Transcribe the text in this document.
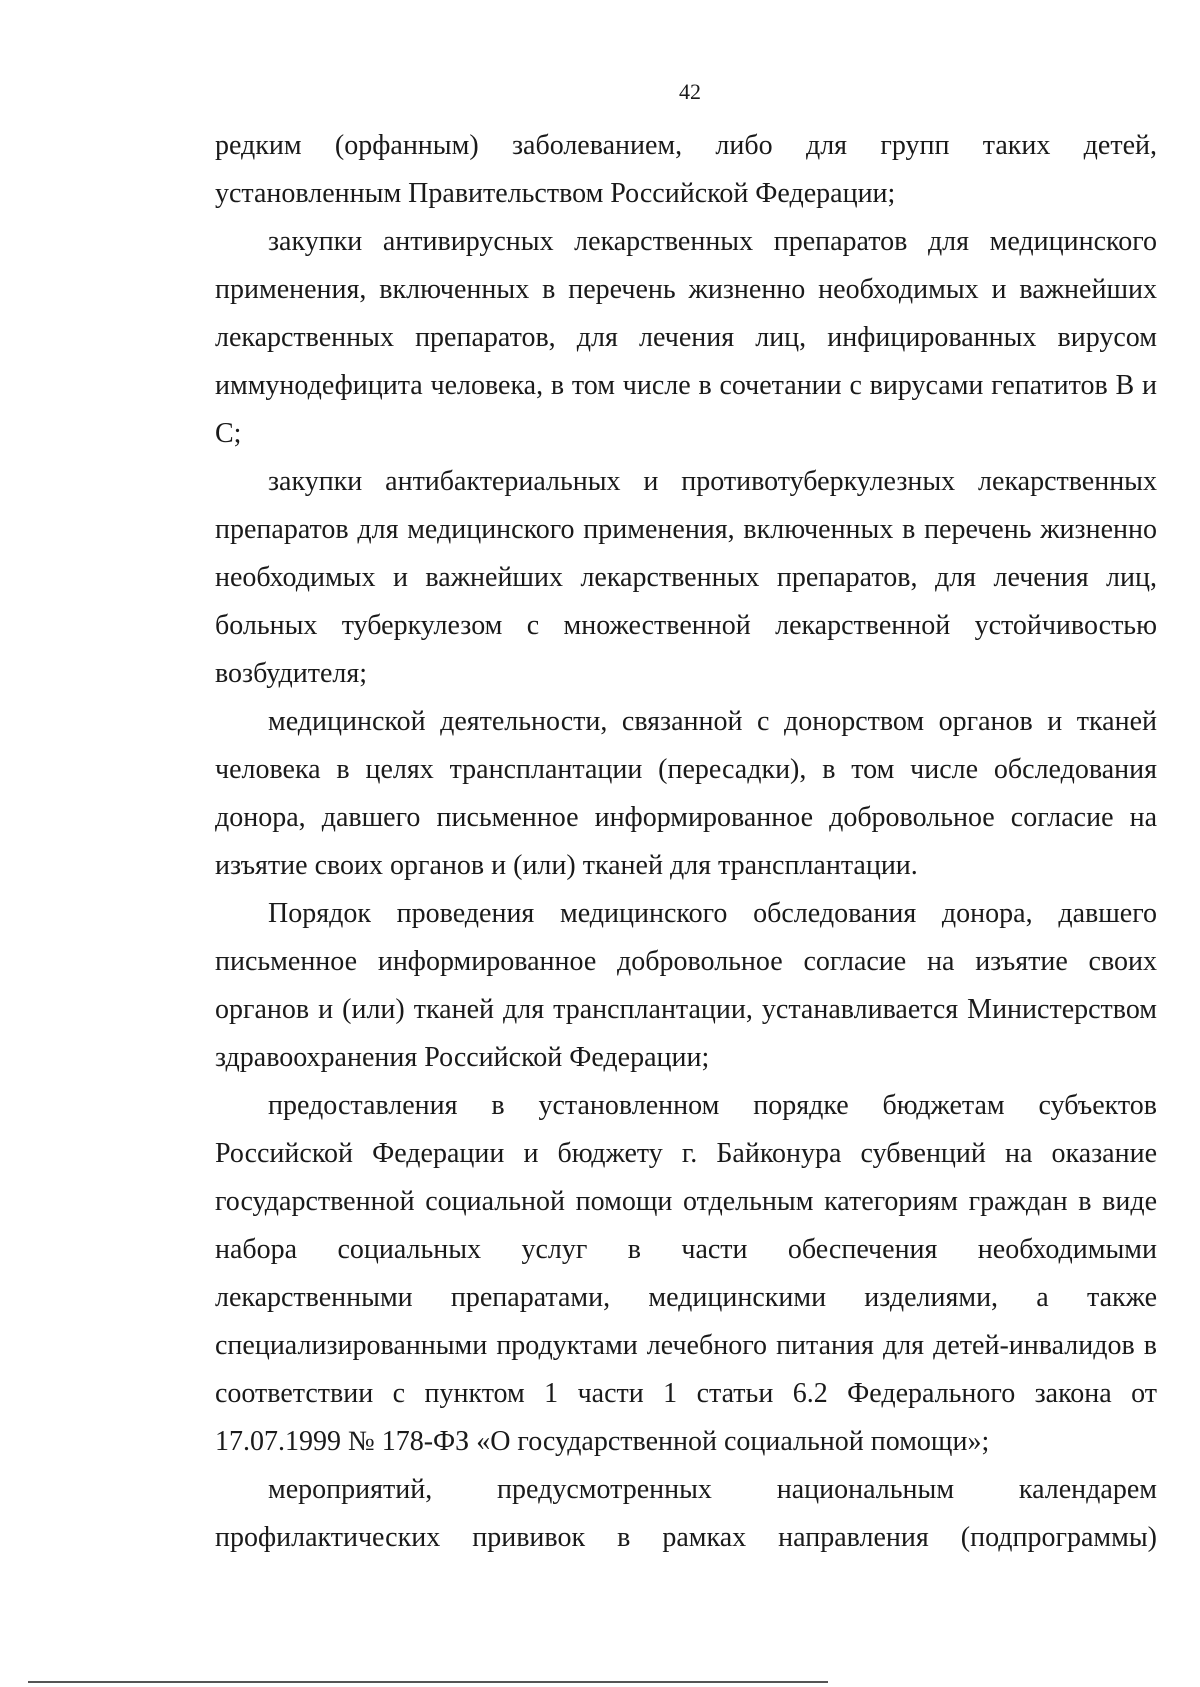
42

редким (орфанным) заболеванием, либо для групп таких детей, установленным Правительством Российской Федерации;

закупки антивирусных лекарственных препаратов для медицинского применения, включенных в перечень жизненно необходимых и важнейших лекарственных препаратов, для лечения лиц, инфицированных вирусом иммунодефицита человека, в том числе в сочетании с вирусами гепатитов В и С;

закупки антибактериальных и противотуберкулезных лекарственных препаратов для медицинского применения, включенных в перечень жизненно необходимых и важнейших лекарственных препаратов, для лечения лиц, больных туберкулезом с множественной лекарственной устойчивостью возбудителя;

медицинской деятельности, связанной с донорством органов и тканей человека в целях трансплантации (пересадки), в том числе обследования донора, давшего письменное информированное добровольное согласие на изъятие своих органов и (или) тканей для трансплантации.

Порядок проведения медицинского обследования донора, давшего письменное информированное добровольное согласие на изъятие своих органов и (или) тканей для трансплантации, устанавливается Министерством здравоохранения Российской Федерации;

предоставления в установленном порядке бюджетам субъектов Российской Федерации и бюджету г. Байконура субвенций на оказание государственной социальной помощи отдельным категориям граждан в виде набора социальных услуг в части обеспечения необходимыми лекарственными препаратами, медицинскими изделиями, а также специализированными продуктами лечебного питания для детей-инвалидов в соответствии с пунктом 1 части 1 статьи 6.2 Федерального закона от 17.07.1999 № 178-ФЗ «О государственной социальной помощи»;

мероприятий, предусмотренных национальным календарем профилактических прививок в рамках направления (подпрограммы)
